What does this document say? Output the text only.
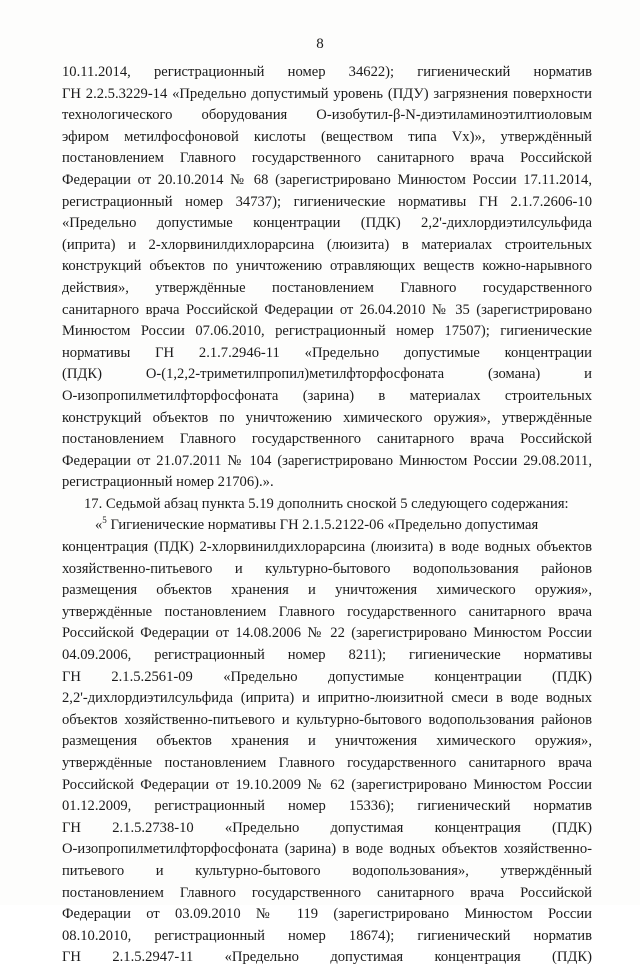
8
10.11.2014, регистрационный номер 34622); гигиенический норматив
ГН 2.2.5.3229-14 «Предельно допустимый уровень (ПДУ) загрязнения поверхности
технологического оборудования О-изобутил-β-N-диэтиламиноэтилтиоловым
эфиром метилфосфоновой кислоты (веществом типа Vx)», утверждённый
постановлением Главного государственного санитарного врача Российской
Федерации от 20.10.2014 № 68 (зарегистрировано Минюстом России 17.11.2014,
регистрационный номер 34737); гигиенические нормативы ГН 2.1.7.2606-10
«Предельно допустимые концентрации (ПДК) 2,2'-дихлордиэтилсульфида
(иприта) и 2-хлорвинилдихлорарсина (люизита) в материалах строительных
конструкций объектов по уничтожению отравляющих веществ кожно-нарывного
действия», утверждённые постановлением Главного государственного
санитарного врача Российской Федерации от 26.04.2010 № 35 (зарегистрировано
Минюстом России 07.06.2010, регистрационный номер 17507); гигиенические
нормативы ГН 2.1.7.2946-11 «Предельно допустимые концентрации
(ПДК) О-(1,2,2-триметилпропил)метилфторфосфоната (зомана) и
О-изопропилметилфторфосфоната (зарина) в материалах строительных
конструкций объектов по уничтожению химического оружия», утверждённые
постановлением Главного государственного санитарного врача Российской
Федерации от 21.07.2011 № 104 (зарегистрировано Минюстом России 29.08.2011,
регистрационный номер 21706).».
17. Седьмой абзац пункта 5.19 дополнить сноской 5 следующего содержания:
«$^5$ Гигиенические нормативы ГН 2.1.5.2122-06 «Предельно допустимая
концентрация (ПДК) 2-хлорвинилдихлорарсина (люизита) в воде водных объектов
хозяйственно-питьевого и культурно-бытового водопользования районов
размещения объектов хранения и уничтожения химического оружия»,
утверждённые постановлением Главного государственного санитарного врача
Российской Федерации от 14.08.2006 № 22 (зарегистрировано Минюстом России
04.09.2006, регистрационный номер 8211); гигиенические нормативы
ГН 2.1.5.2561-09 «Предельно допустимые концентрации (ПДК)
2,2'-дихлордиэтилсульфида (иприта) и ипритно-люизитной смеси в воде водных
объектов хозяйственно-питьевого и культурно-бытового водопользования районов
размещения объектов хранения и уничтожения химического оружия»,
утверждённые постановлением Главного государственного санитарного врача
Российской Федерации от 19.10.2009 № 62 (зарегистрировано Минюстом России
01.12.2009, регистрационный номер 15336); гигиенический норматив
ГН 2.1.5.2738-10 «Предельно допустимая концентрация (ПДК)
О-изопропилметилфторфосфоната (зарина) в воде водных объектов хозяйственно-
питьевого и культурно-бытового водопользования», утверждённый
постановлением Главного государственного санитарного врача Российской
Федерации от 03.09.2010 № 119 (зарегистрировано Минюстом России
08.10.2010, регистрационный номер 18674); гигиенический норматив
ГН 2.1.5.2947-11 «Предельно допустимая концентрация (ПДК)
